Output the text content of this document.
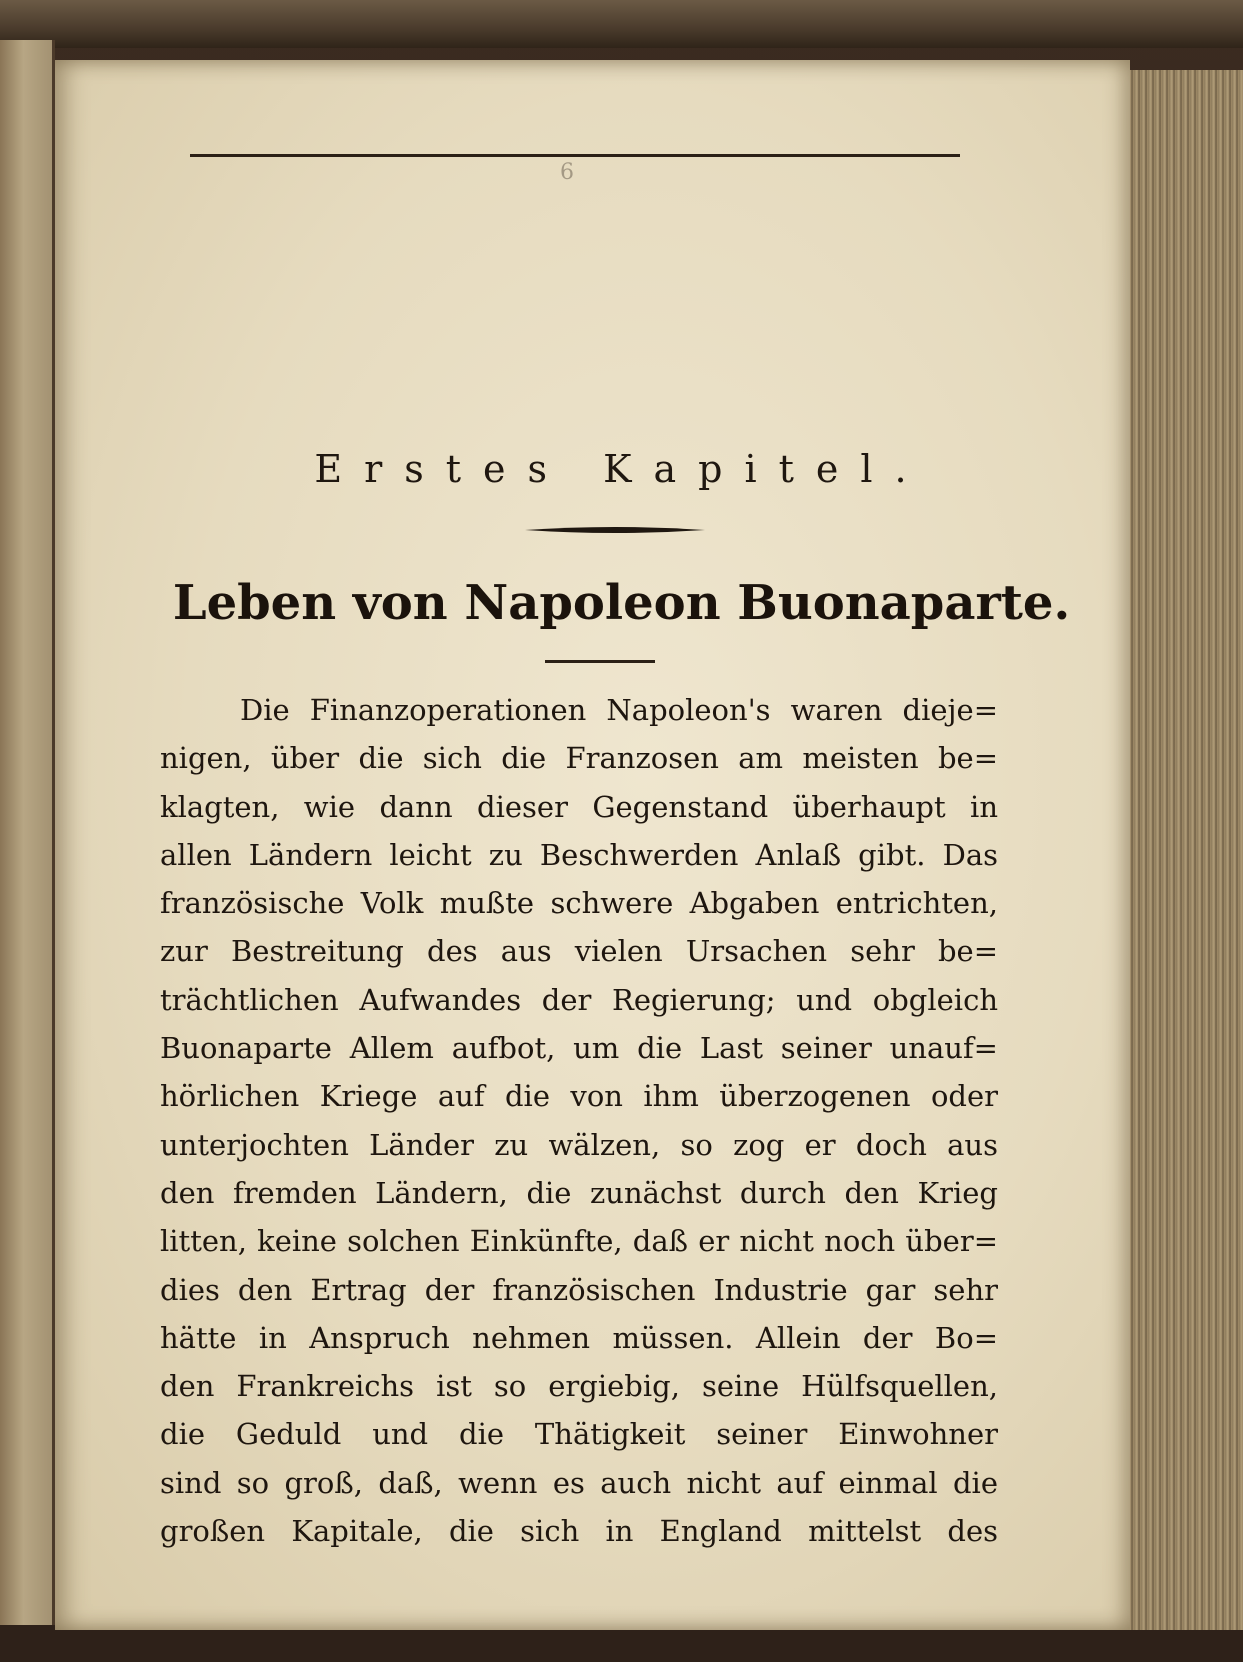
6
Erstes Kapitel.
Leben von Napoleon Buonaparte.
Die Finanzoperationen Napoleon's waren dieje=
nigen, über die sich die Franzosen am meisten be=
klagten, wie dann dieser Gegenstand überhaupt in
allen Ländern leicht zu Beschwerden Anlaß gibt. Das
französische Volk mußte schwere Abgaben entrichten,
zur Bestreitung des aus vielen Ursachen sehr be=
trächtlichen Aufwandes der Regierung; und obgleich
Buonaparte Allem aufbot, um die Last seiner unauf=
hörlichen Kriege auf die von ihm überzogenen oder
unterjochten Länder zu wälzen, so zog er doch aus
den fremden Ländern, die zunächst durch den Krieg
litten, keine solchen Einkünfte, daß er nicht noch über=
dies den Ertrag der französischen Industrie gar sehr
hätte in Anspruch nehmen müssen. Allein der Bo=
den Frankreichs ist so ergiebig, seine Hülfsquellen,
die Geduld und die Thätigkeit seiner Einwohner
sind so groß, daß, wenn es auch nicht auf einmal die
großen Kapitale, die sich in England mittelst des
